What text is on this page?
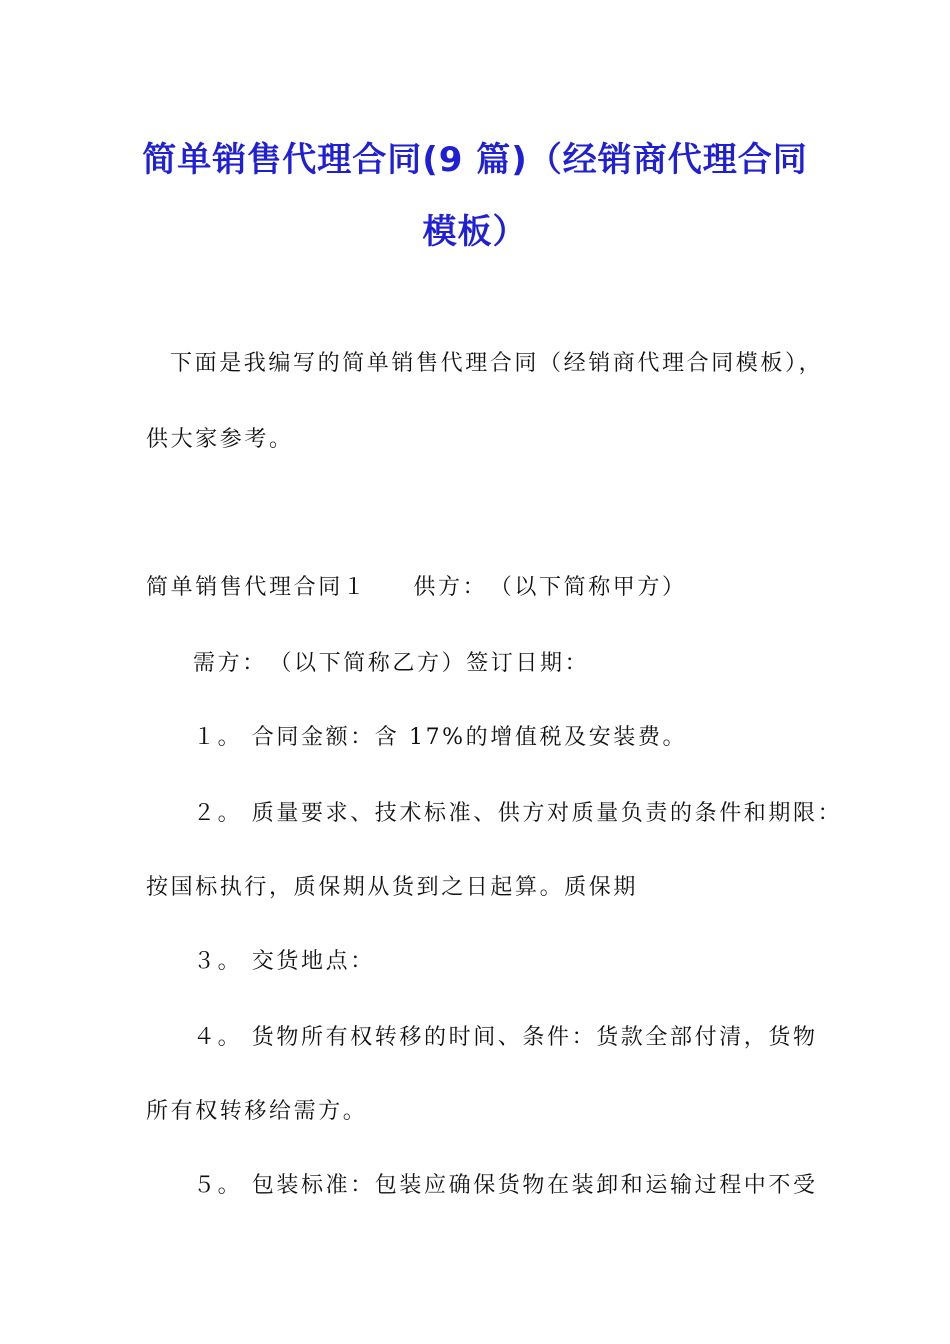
简单销售代理合同(9 篇)（经销商代理合同
模板）

下面是我编写的简单销售代理合同（经销商代理合同模板），

供大家参考。

简单销售代理合同１ 供方：　（以下简称甲方）

需方：　（以下简称乙方）签订日期：

１。 合同金额：含 17%的增值税及安装费。

２。 质量要求、技术标准、供方对质量负责的条件和期限：

按国标执行，质保期从货到之日起算。质保期

３。 交货地点：

４。 货物所有权转移的时间、条件：货款全部付清，货物

所有权转移给需方。

５。 包装标准：包装应确保货物在装卸和运输过程中不受
